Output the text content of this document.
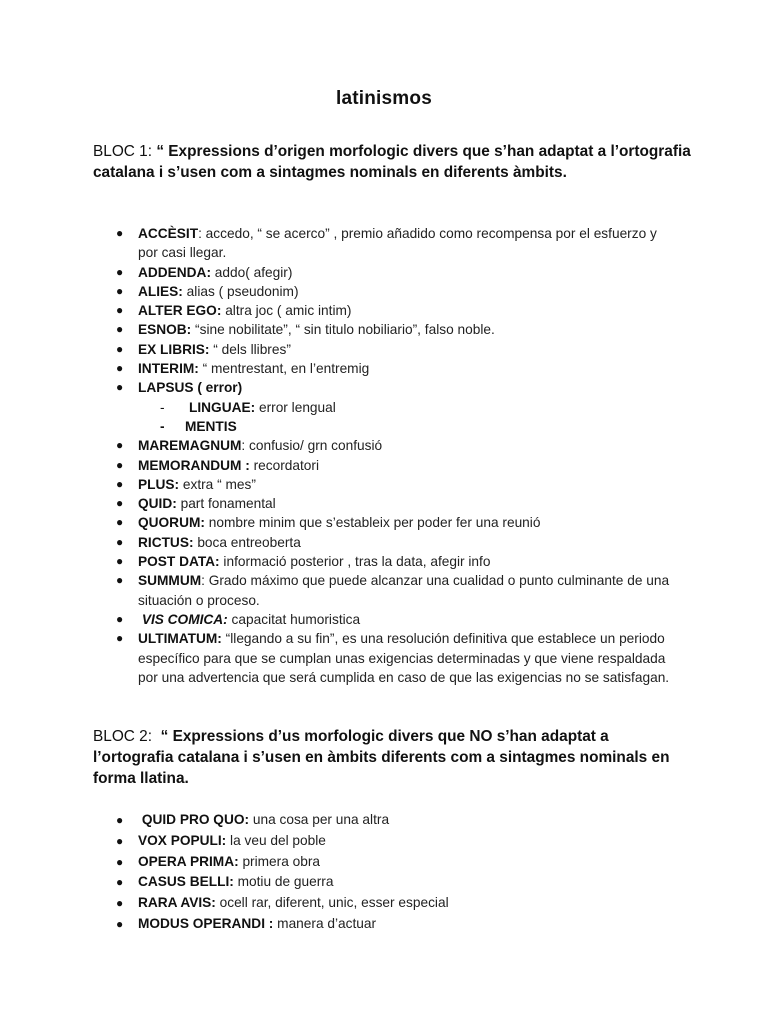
latinismos
BLOC 1: “ Expressions d’origen morfologic divers que s’han adaptat a l’ortografia catalana i s’usen com a sintagmes nominals en diferents àmbits.
● ACCÈSIT: accedo, “ se acerco” , premio añadido como recompensa por el esfuerzo y por casi llegar.
● ADDENDA: addo( afegir)
● ALIES: alias ( pseudonim)
● ALTER EGO: altra joc ( amic intim)
● ESNOB: “sine nobilitate”, “ sin titulo nobiliario”, falso noble.
● EX LIBRIS: “ dels llibres”
● INTERIM: “ mentrestant, en l’entremig
● LAPSUS ( error)
- LINGUAE: error lengual
- MENTIS
● MAREMAGNUM: confusio/ grn confusió
● MEMORANDUM : recordatori
● PLUS: extra “ mes”
● QUID: part fonamental
● QUORUM: nombre minim que s’estableix per poder fer una reunió
● RICTUS: boca entreoberta
● POST DATA: informació posterior , tras la data, afegir info
● SUMMUM: Grado máximo que puede alcanzar una cualidad o punto culminante de una situación o proceso.
● VIS COMICA: capacitat humoristica
● ULTIMATUM: “llegando a su fin”, es una resolución definitiva que establece un periodo específico para que se cumplan unas exigencias determinadas y que viene respaldada por una advertencia que será cumplida en caso de que las exigencias no se satisfagan.
BLOC 2: “ Expressions d’us morfologic divers que NO s’han adaptat a l’ortografia catalana i s’usen en àmbits diferents com a sintagmes nominals en forma llatina.
● QUID PRO QUO: una cosa per una altra
● VOX POPULI: la veu del poble
● OPERA PRIMA: primera obra
● CASUS BELLI: motiu de guerra
● RARA AVIS: ocell rar, diferent, unic, esser especial
● MODUS OPERANDI : manera d’actuar
